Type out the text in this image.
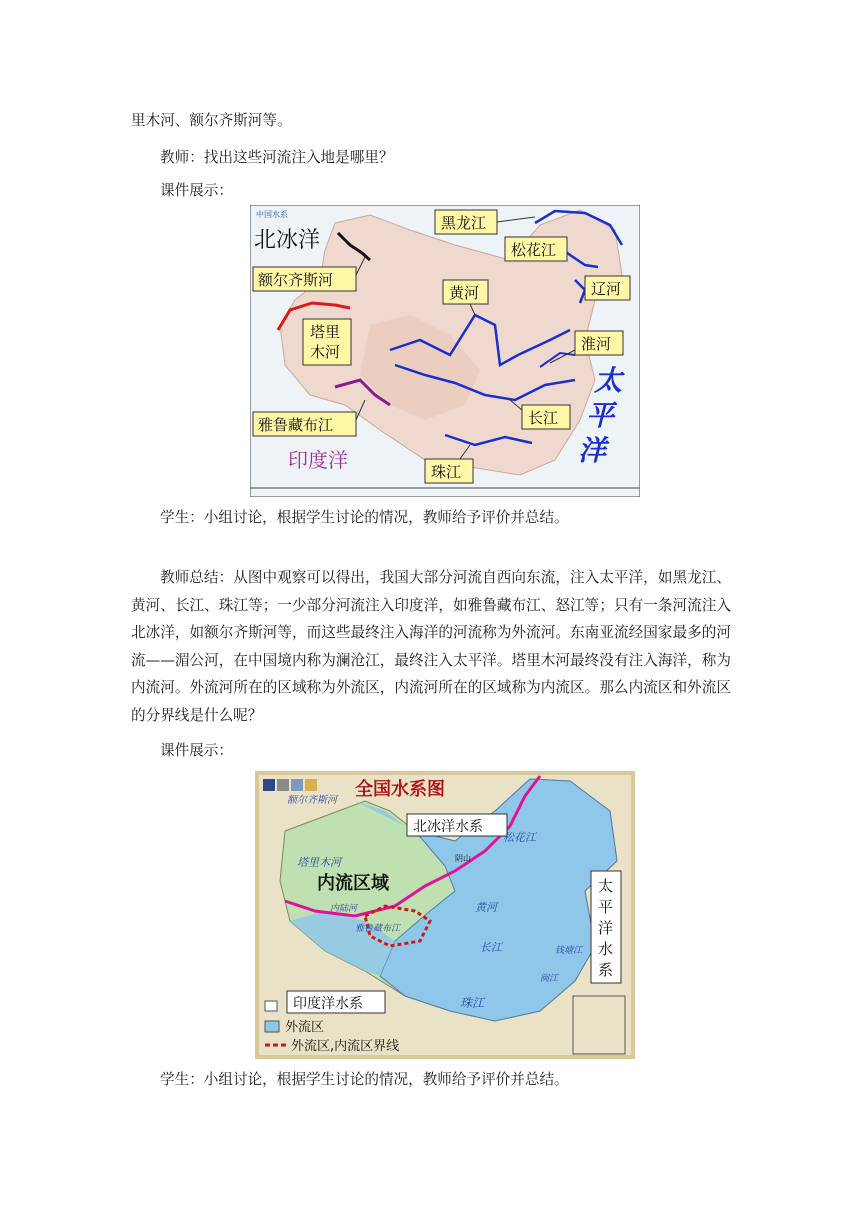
里木河、额尔齐斯河等。

教师：找出这些河流注入地是哪里？

课件展示：

中国水系
北冰洋
印度洋
太
平
洋
黑龙江
松花江
辽河
黄河
淮河
长江
珠江
额尔齐斯河
塔里
木河
雅鲁藏布江

学生：小组讨论，根据学生讨论的情况，教师给予评价并总结。

教师总结：从图中观察可以得出，我国大部分河流自西向东流，注入太平洋，如黑龙江、黄河、长江、珠江等；一少部分河流注入印度洋，如雅鲁藏布江、怒江等；只有一条河流注入北冰洋，如额尔齐斯河等，而这些最终注入海洋的河流称为外流河。东南亚流经国家最多的河流——湄公河，在中国境内称为澜沧江，最终注入太平洋。塔里木河最终没有注入海洋，称为内流河。外流河所在的区域称为外流区，内流河所在的区域称为内流区。那么内流区和外流区的分界线是什么呢？

课件展示：

全国水系图
额尔齐斯河
塔里木河
内流区域
内陆河
阴山
北冰洋水系
太
平
洋
水
系
印度洋水系
松花江
黄河
长江
珠江
闽江
钱塘江
雅鲁藏布江
外流区
外流区,内流区界线

学生：小组讨论，根据学生讨论的情况，教师给予评价并总结。
